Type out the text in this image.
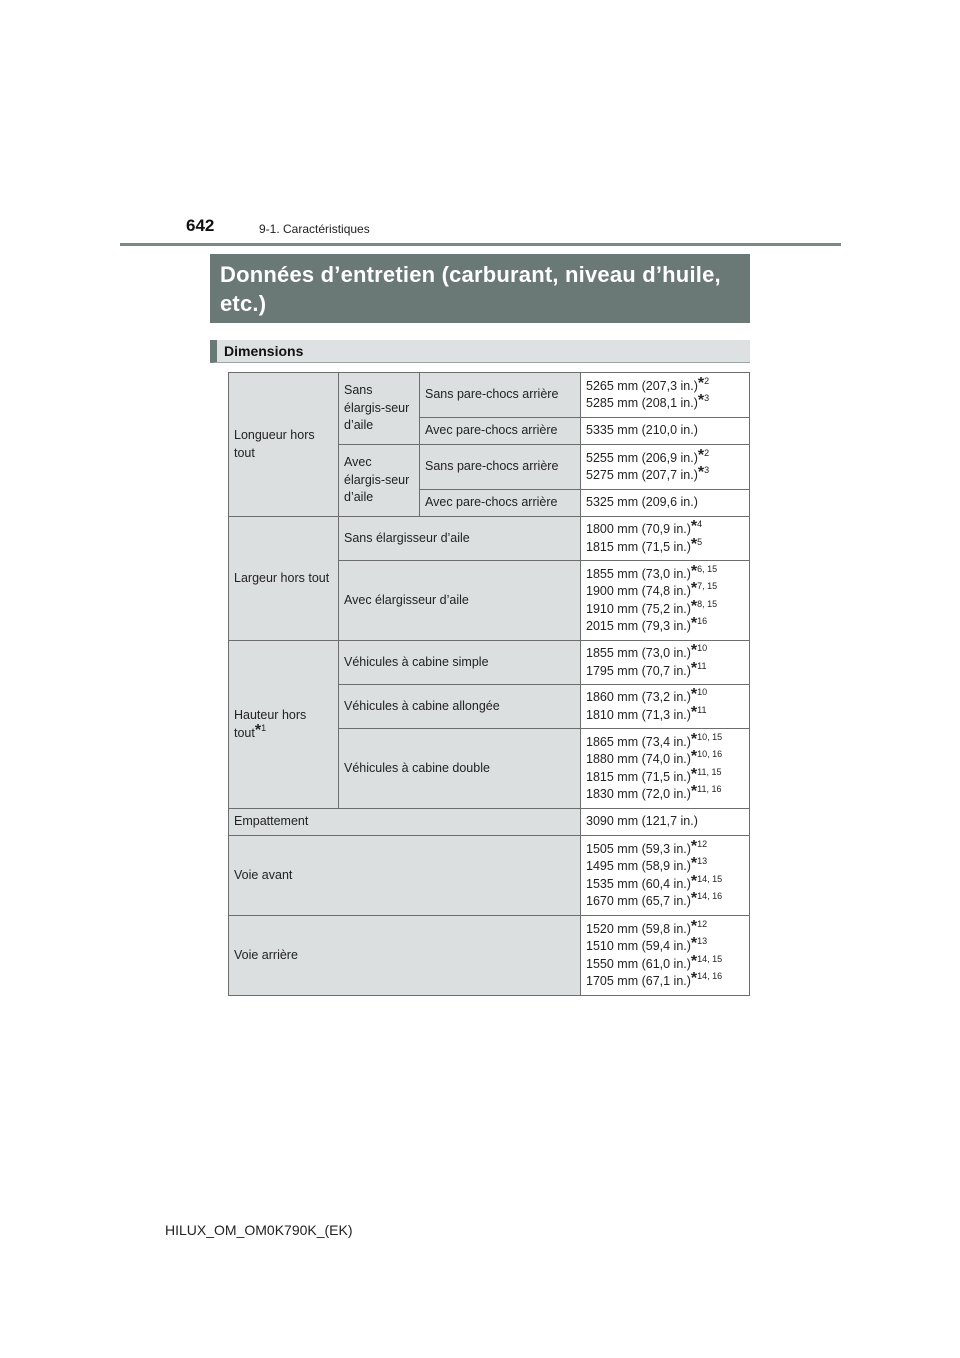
642	9-1. Caractéristiques
Données d’entretien (carburant, niveau d’huile, etc.)
Dimensions
Longueur hors tout	Sans élargis-seur d’aile	Sans pare-chocs arrière	5265 mm (207,3 in.)*$^2$
5285 mm (208,1 in.)*$^3$

		Avec pare-chocs arrière	5335 mm (210,0 in.)
	Avec élargis-seur d’aile	Sans pare-chocs arrière	5255 mm (206,9 in.)*$^2$
5275 mm (207,7 in.)*$^3$

		Avec pare-chocs arrière	5325 mm (209,6 in.)
Largeur hors tout	Sans élargisseur d’aile		1800 mm (70,9 in.)*$^4$
1815 mm (71,5 in.)*$^5$

	Avec élargisseur d’aile		1855 mm (73,0 in.)*$^{6, 15}$
1900 mm (74,8 in.)*$^{7, 15}$
1910 mm (75,2 in.)*$^{8, 15}$
2015 mm (79,3 in.)*$^{16}$

Hauteur hors tout*$^1$	Véhicules à cabine simple		1855 mm (73,0 in.)*$^{10}$
1795 mm (70,7 in.)*$^{11}$

	Véhicules à cabine allongée		1860 mm (73,2 in.)*$^{10}$
1810 mm (71,3 in.)*$^{11}$

	Véhicules à cabine double		1865 mm (73,4 in.)*$^{10, 15}$
1880 mm (74,0 in.)*$^{10, 16}$
1815 mm (71,5 in.)*$^{11, 15}$
1830 mm (72,0 in.)*$^{11, 16}$

Empattement			3090 mm (121,7 in.)
Voie avant			1505 mm (59,3 in.)*$^{12}$
1495 mm (58,9 in.)*$^{13}$
1535 mm (60,4 in.)*$^{14, 15}$
1670 mm (65,7 in.)*$^{14, 16}$

Voie arrière			1520 mm (59,8 in.)*$^{12}$
1510 mm (59,4 in.)*$^{13}$
1550 mm (61,0 in.)*$^{14, 15}$
1705 mm (67,1 in.)*$^{14, 16}$
HILUX_OM_OM0K790K_(EK)
